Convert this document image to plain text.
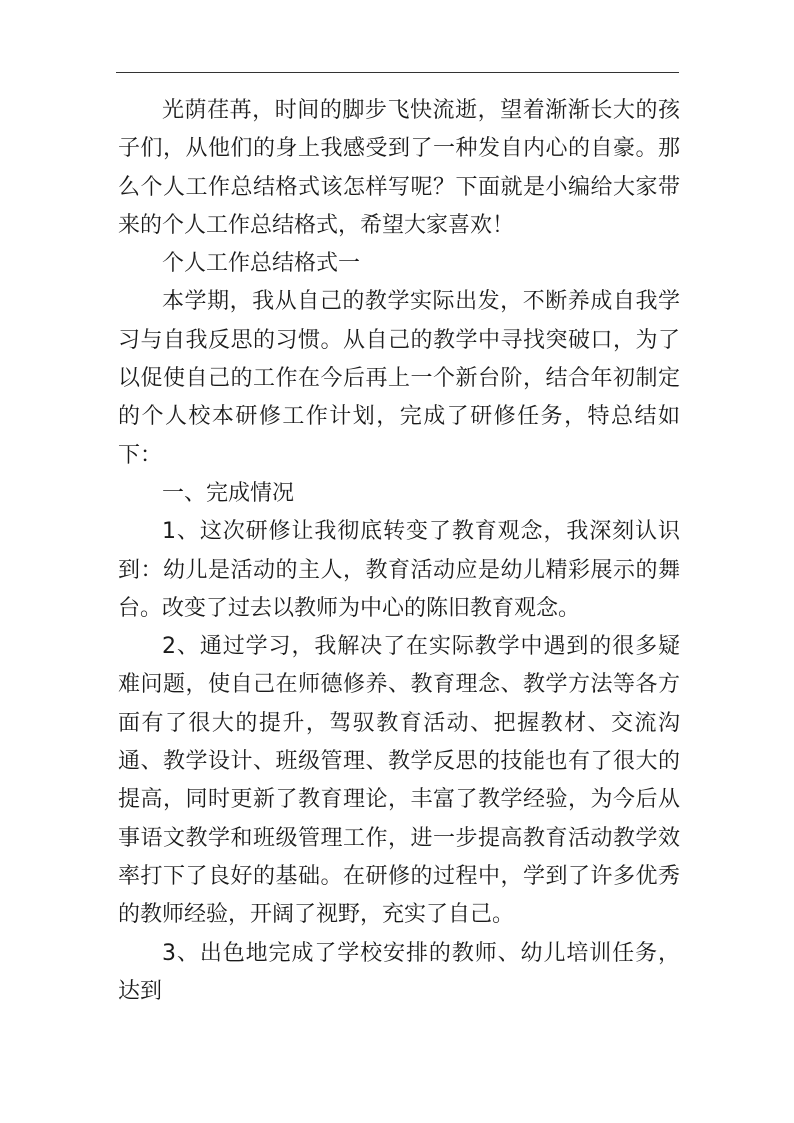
光荫荏苒，时间的脚步飞快流逝，望着渐渐长大的孩子们，从他们的身上我感受到了一种发自内心的自豪。那么个人工作总结格式该怎样写呢？下面就是小编给大家带来的个人工作总结格式，希望大家喜欢！

个人工作总结格式一

本学期，我从自己的教学实际出发，不断养成自我学习与自我反思的习惯。从自己的教学中寻找突破口，为了以促使自己的工作在今后再上一个新台阶，结合年初制定的个人校本研修工作计划，完成了研修任务，特总结如下：

一、完成情况

1、这次研修让我彻底转变了教育观念，我深刻认识到：幼儿是活动的主人，教育活动应是幼儿精彩展示的舞台。改变了过去以教师为中心的陈旧教育观念。

2、通过学习，我解决了在实际教学中遇到的很多疑难问题，使自己在师德修养、教育理念、教学方法等各方面有了很大的提升，驾驭教育活动、把握教材、交流沟通、教学设计、班级管理、教学反思的技能也有了很大的提高，同时更新了教育理论，丰富了教学经验，为今后从事语文教学和班级管理工作，进一步提高教育活动教学效率打下了良好的基础。在研修的过程中，学到了许多优秀的教师经验，开阔了视野，充实了自己。

3、出色地完成了学校安排的教师、幼儿培训任务，达到
